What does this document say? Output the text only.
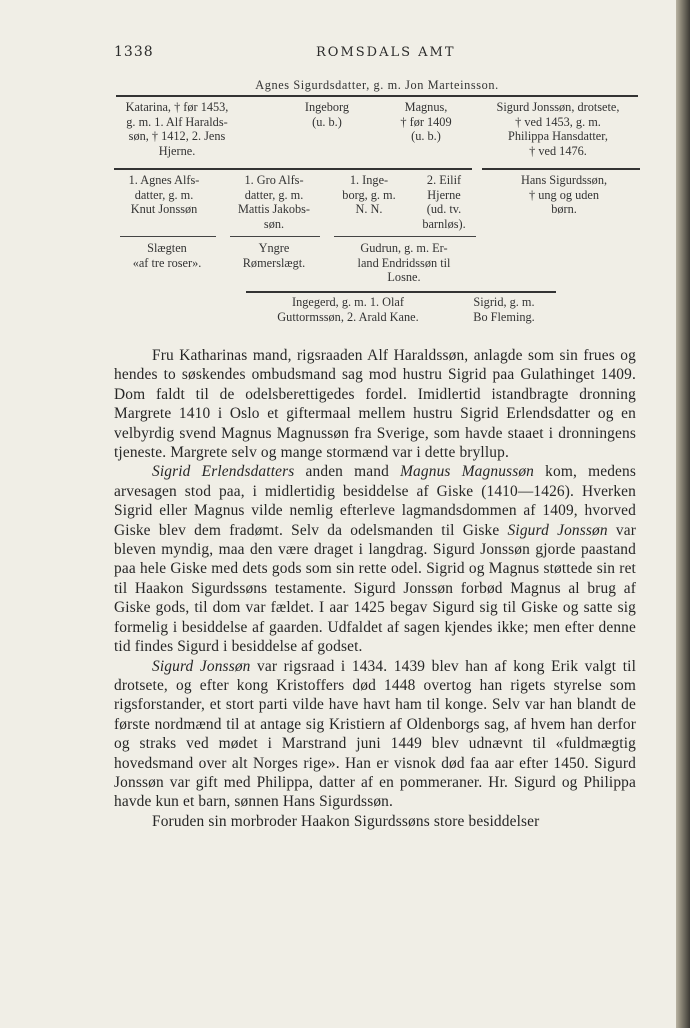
1338	ROMSDALS AMT
Agnes Sigurdsdatter, g. m. Jon Marteinsson.
Katarina, † før 1453,
g. m. 1. Alf Haralds-
søn, † 1412, 2. Jens
Hjerne.
Ingeborg
(u. b.)
Magnus,
† før 1409
(u. b.)
Sigurd Jonssøn, drotsete,
† ved 1453, g. m.
Philippa Hansdatter,
† ved 1476.
1. Agnes Alfs-
datter, g. m.
Knut Jonssøn
1. Gro Alfs-
datter, g. m.
Mattis Jakobs-
søn.
1. Inge-
borg, g. m.
N. N.
2. Eilif
Hjerne
(ud. tv.
barnløs).
Hans Sigurdssøn,
† ung og uden
børn.
Slægten
«af tre roser».
Yngre
Rømerslægt.
Gudrun, g. m. Er-
land Endridssøn til
Losne.
Ingegerd, g. m. 1. Olaf
Guttormssøn, 2. Arald Kane.
Sigrid, g. m.
Bo Fleming.

Fru Katharinas mand, rigsraaden Alf Haraldssøn, anlagde som sin frues og hendes to søskendes ombudsmand sag mod hustru Sigrid paa Gulathinget 1409. Dom faldt til de odelsberettigedes fordel. Imidlertid istandbragte dronning Margrete 1410 i Oslo et giftermaal mellem hustru Sigrid Erlendsdatter og en velbyrdig svend Magnus Magnussøn fra Sverige, som havde staaet i dronningens tjeneste. Margrete selv og mange stormænd var i dette bryllup.

Sigrid Erlendsdatters anden mand Magnus Magnussøn kom, medens arvesagen stod paa, i midlertidig besiddelse af Giske (1410—1426). Hverken Sigrid eller Magnus vilde nemlig efterleve lagmandsdommen af 1409, hvorved Giske blev dem fradømt. Selv da odelsmanden til Giske Sigurd Jonssøn var bleven myndig, maa den være draget i langdrag. Sigurd Jonssøn gjorde paastand paa hele Giske med dets gods som sin rette odel. Sigrid og Magnus støttede sin ret til Haakon Sigurdssøns testamente. Sigurd Jonssøn forbød Magnus al brug af Giske gods, til dom var fældet. I aar 1425 begav Sigurd sig til Giske og satte sig formelig i besiddelse af gaarden. Udfaldet af sagen kjendes ikke; men efter denne tid findes Sigurd i besiddelse af godset.

Sigurd Jonssøn var rigsraad i 1434. 1439 blev han af kong Erik valgt til drotsete, og efter kong Kristoffers død 1448 overtog han rigets styrelse som rigsforstander, et stort parti vilde have havt ham til konge. Selv var han blandt de første nordmænd til at antage sig Kristiern af Oldenborgs sag, af hvem han derfor og straks ved mødet i Marstrand juni 1449 blev udnævnt til «fuldmægtig hovedsmand over alt Norges rige». Han er visnok død faa aar efter 1450. Sigurd Jonssøn var gift med Philippa, datter af en pommeraner. Hr. Sigurd og Philippa havde kun et barn, sønnen Hans Sigurdssøn.

Foruden sin morbroder Haakon Sigurdssøns store besiddelser
